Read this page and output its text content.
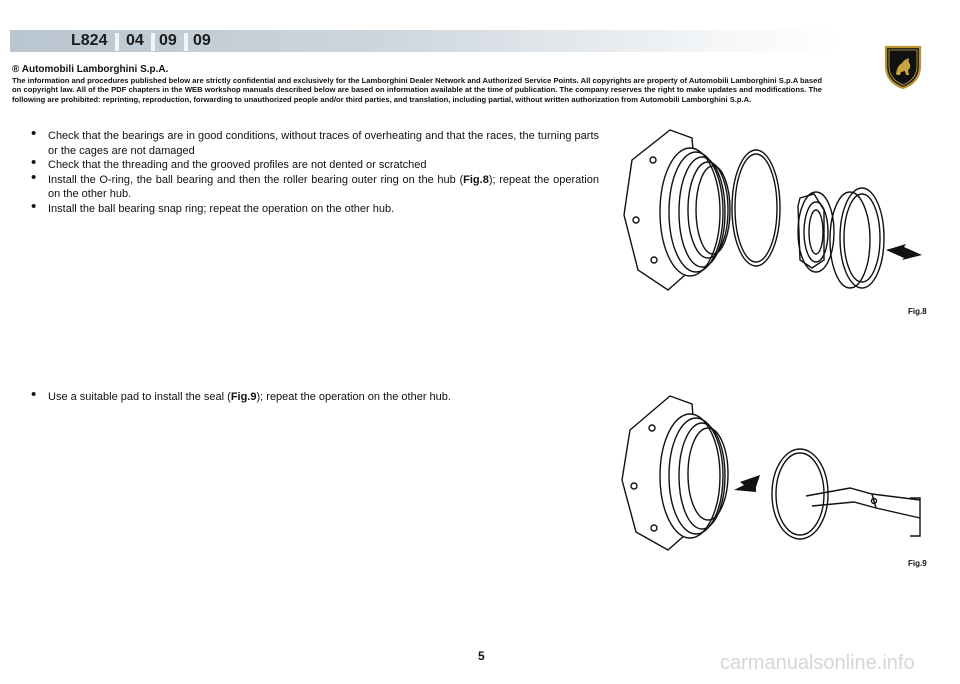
L824 04 09 09
® Automobili Lamborghini S.p.A.
The information and procedures published below are strictly confidential and exclusively for the Lamborghini Dealer Network and Authorized Service Points. All copyrights are property of Automobili Lamborghini S.p.A based on copyright law. All of the PDF chapters in the WEB workshop manuals described below are based on information available at the time of publication. The company reserves the right to make updates and modifications. The following are prohibited: reprinting, reproduction, forwarding to unauthorized people and/or third parties, and translation, including partial, without written authorization from Automobili Lamborghini S.p.A.
• Check that the bearings are in good conditions, without traces of overheating and that the races, the turning parts or the cages are not damaged
• Check that the threading and the grooved profiles are not dented or scratched
• Install the O-ring, the ball bearing and then the roller bearing outer ring on the hub (Fig.8); repeat the operation on the other hub.
• Install the ball bearing snap ring; repeat the operation on the other hub.
• Use a suitable pad to install the seal (Fig.9); repeat the operation on the other hub.
Fig.8
Fig.9
5	carmanualsonline.info
